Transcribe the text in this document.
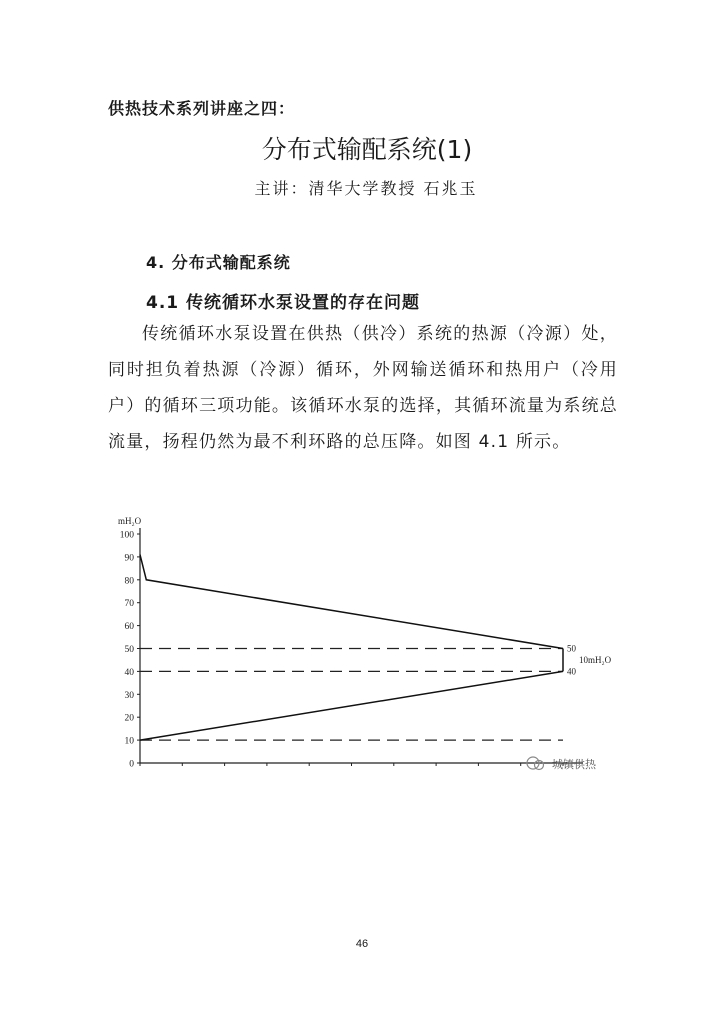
供热技术系列讲座之四：
分布式输配系统(1)
主讲：清华大学教授 石兆玉
4. 分布式输配系统
4.1 传统循环水泵设置的存在问题

传统循环水泵设置在供热（供冷）系统的热源（冷源）处，同时担负着热源（冷源）循环，外网输送循环和热用户（冷用户）的循环三项功能。该循环水泵的选择，其循环流量为系统总流量，扬程仍然为最不利环路的总压降。如图 4.1 所示。

mH₂O
0
10
20
30
40
50
60
70
80
90
100
50
40
10mH₂O
城镇供热
46
